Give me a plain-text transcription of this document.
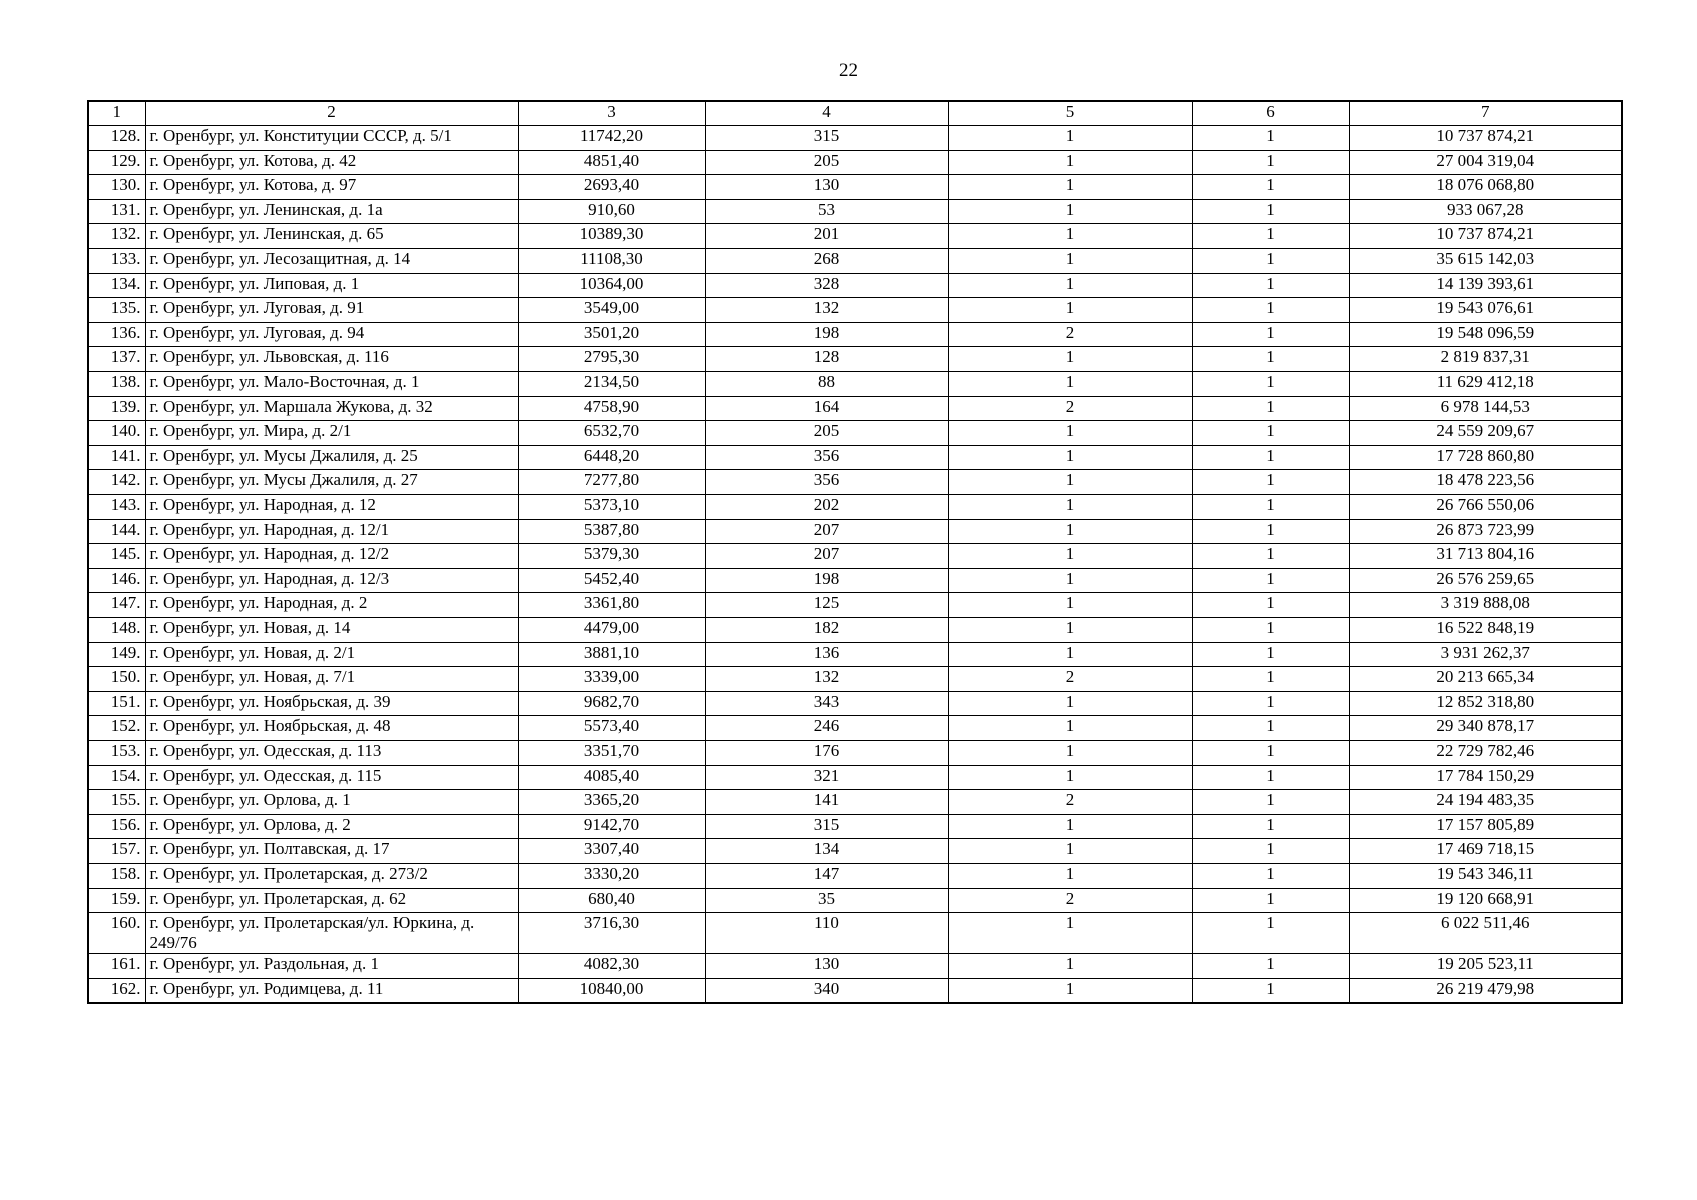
22
1	2	3	4	5	6	7
128.	г. Оренбург, ул. Конституции СССР, д. 5/1	11742,20	315	1	1	10 737 874,21
129.	г. Оренбург, ул. Котова, д. 42	4851,40	205	1	1	27 004 319,04
130.	г. Оренбург, ул. Котова, д. 97	2693,40	130	1	1	18 076 068,80
131.	г. Оренбург, ул. Ленинская, д. 1а	910,60	53	1	1	933 067,28
132.	г. Оренбург, ул. Ленинская, д. 65	10389,30	201	1	1	10 737 874,21
133.	г. Оренбург, ул. Лесозащитная, д. 14	11108,30	268	1	1	35 615 142,03
134.	г. Оренбург, ул. Липовая, д. 1	10364,00	328	1	1	14 139 393,61
135.	г. Оренбург, ул. Луговая, д. 91	3549,00	132	1	1	19 543 076,61
136.	г. Оренбург, ул. Луговая, д. 94	3501,20	198	2	1	19 548 096,59
137.	г. Оренбург, ул. Львовская, д. 116	2795,30	128	1	1	2 819 837,31
138.	г. Оренбург, ул. Мало-Восточная, д. 1	2134,50	88	1	1	11 629 412,18
139.	г. Оренбург, ул. Маршала Жукова, д. 32	4758,90	164	2	1	6 978 144,53
140.	г. Оренбург, ул. Мира, д. 2/1	6532,70	205	1	1	24 559 209,67
141.	г. Оренбург, ул. Мусы Джалиля, д. 25	6448,20	356	1	1	17 728 860,80
142.	г. Оренбург, ул. Мусы Джалиля, д. 27	7277,80	356	1	1	18 478 223,56
143.	г. Оренбург, ул. Народная, д. 12	5373,10	202	1	1	26 766 550,06
144.	г. Оренбург, ул. Народная, д. 12/1	5387,80	207	1	1	26 873 723,99
145.	г. Оренбург, ул. Народная, д. 12/2	5379,30	207	1	1	31 713 804,16
146.	г. Оренбург, ул. Народная, д. 12/3	5452,40	198	1	1	26 576 259,65
147.	г. Оренбург, ул. Народная, д. 2	3361,80	125	1	1	3 319 888,08
148.	г. Оренбург, ул. Новая, д. 14	4479,00	182	1	1	16 522 848,19
149.	г. Оренбург, ул. Новая, д. 2/1	3881,10	136	1	1	3 931 262,37
150.	г. Оренбург, ул. Новая, д. 7/1	3339,00	132	2	1	20 213 665,34
151.	г. Оренбург, ул. Ноябрьская, д. 39	9682,70	343	1	1	12 852 318,80
152.	г. Оренбург, ул. Ноябрьская, д. 48	5573,40	246	1	1	29 340 878,17
153.	г. Оренбург, ул. Одесская, д. 113	3351,70	176	1	1	22 729 782,46
154.	г. Оренбург, ул. Одесская, д. 115	4085,40	321	1	1	17 784 150,29
155.	г. Оренбург, ул. Орлова, д. 1	3365,20	141	2	1	24 194 483,35
156.	г. Оренбург, ул. Орлова, д. 2	9142,70	315	1	1	17 157 805,89
157.	г. Оренбург, ул. Полтавская, д. 17	3307,40	134	1	1	17 469 718,15
158.	г. Оренбург, ул. Пролетарская, д. 273/2	3330,20	147	1	1	19 543 346,11
159.	г. Оренбург, ул. Пролетарская, д. 62	680,40	35	2	1	19 120 668,91
160.	г. Оренбург, ул. Пролетарская/ул. Юркина, д. 249/76	3716,30	110	1	1	6 022 511,46
161.	г. Оренбург, ул. Раздольная, д. 1	4082,30	130	1	1	19 205 523,11
162.	г. Оренбург, ул. Родимцева, д. 11	10840,00	340	1	1	26 219 479,98
